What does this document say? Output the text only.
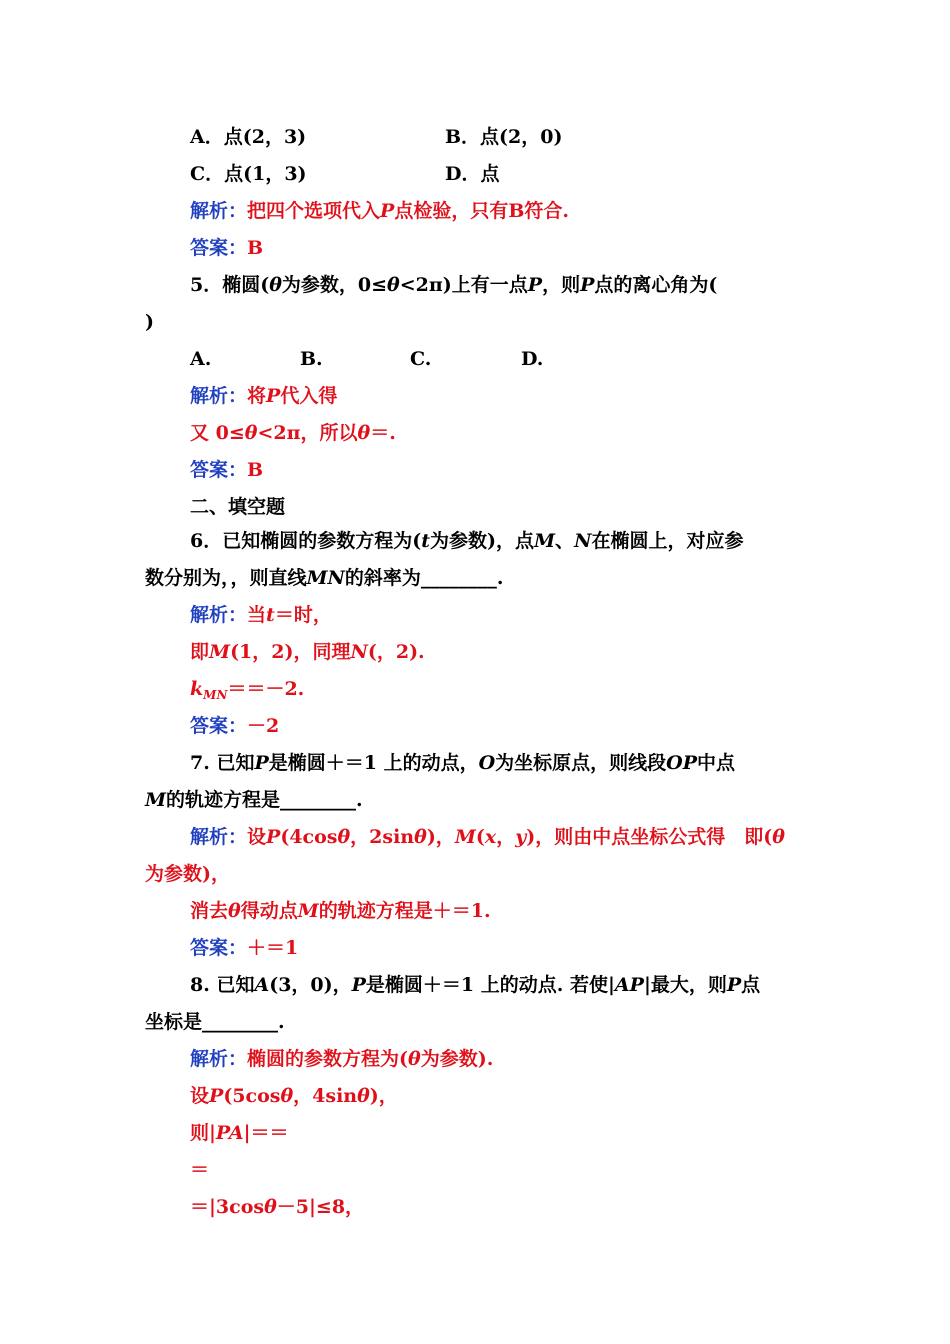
A．点(2，3)	B．点(2，0)
C．点(1，3)	D．点
解析：把四个选项代入P点检验，只有B符合.
答案：B
5．椭圆(θ为参数，0≤θ<2π)上有一点P，则P点的离心角为(
)
A.	B.	C.	D.
解析：将P代入得
又 0≤θ<2π，所以θ＝.
答案：B
二、填空题
6．已知椭圆的参数方程为(t为参数)，点M、N在椭圆上，对应参
数分别为，，则直线MN的斜率为________.
解析：当t＝时，
即M(1，2)，同理N(，2).
$k_{MN}==-2$.
答案：－2
7. 已知P是椭圆＋＝1 上的动点，O为坐标原点，则线段OP中点
M的轨迹方程是________.
解析：设P(4cosθ，2sinθ)，M(x，y)，则由中点坐标公式得　即(θ
为参数)，
消去θ得动点M的轨迹方程是＋＝1.
答案：＋＝1
8. 已知A(3，0)，P是椭圆＋＝1 上的动点. 若使|AP|最大，则P点
坐标是________.
解析：椭圆的参数方程为(θ为参数).
设P(5cosθ，4sinθ)，
则|PA|＝＝
＝
＝|3cosθ－5|≤8，
